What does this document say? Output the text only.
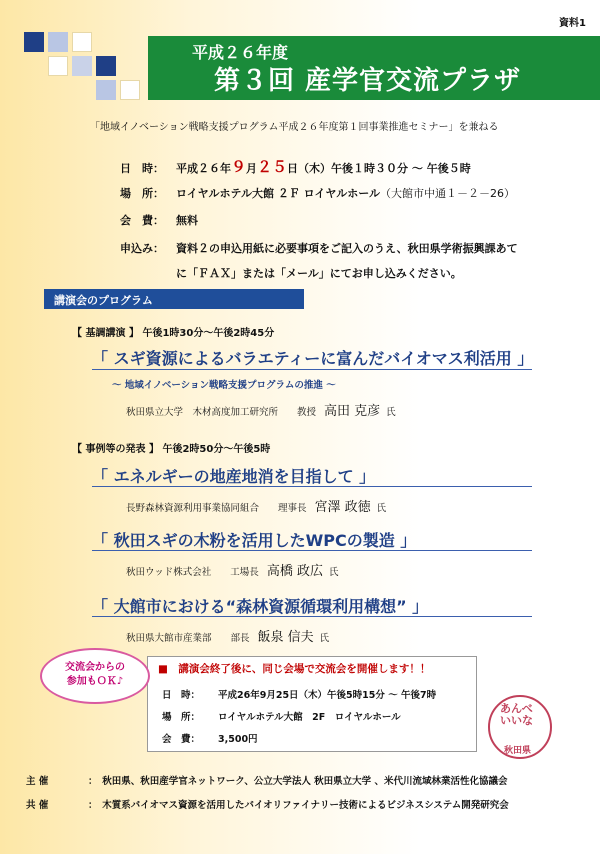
資料1
平成２６年度
第３回 産学官交流プラザ
「地域イノベーション戦略支援プログラム平成２６年度第１回事業推進セミナー」を兼ねる
日　時： 平成２６年９月２５日（木）午後１時３０分 ～ 午後５時
場　所： ロイヤルホテル大館 ２Ｆ ロイヤルホール（大館市中通１－２－26）
会　費： 無料
申込み： 資料２の申込用紙に必要事項をご記入のうえ、秋田県学術振興課あて
に「ＦＡＸ」または「メール」にてお申し込みください。
講演会のプログラム
【 基調講演 】 午後1時30分～午後2時45分
「 スギ資源によるバラエティーに富んだバイオマス利活用 」
～ 地域イノベーション戦略支援プログラムの推進 ～
秋田県立大学　木材高度加工研究所　　教授 高田 克彦 氏
【 事例等の発表 】 午後2時50分～午後5時
「 エネルギーの地産地消を目指して 」
長野森林資源利用事業協同組合　　理事長 宮澤 政徳 氏
「 秋田スギの木粉を活用したWPCの製造 」
秋田ウッド株式会社　　工場長 高橋 政広 氏
「 大館市における“森林資源循環利用構想” 」
秋田県大館市産業部　　部長 飯泉 信夫 氏
■　講演会終了後に、同じ会場で交流会を開催します！！
日　時： 平成26年9月25日（木）午後5時15分 ～ 午後7時
場　所： ロイヤルホテル大館　2F　ロイヤルホール
会　費： 3,500円
交流会からの
参加もＯＫ♪
あんべ
いいな
秋田県
主 催	：　秋田県、秋田産学官ネットワーク、公立大学法人 秋田県立大学 、米代川流域林業活性化協議会
共 催	：　木質系バイオマス資源を活用したバイオリファイナリー技術によるビジネスシステム開発研究会
